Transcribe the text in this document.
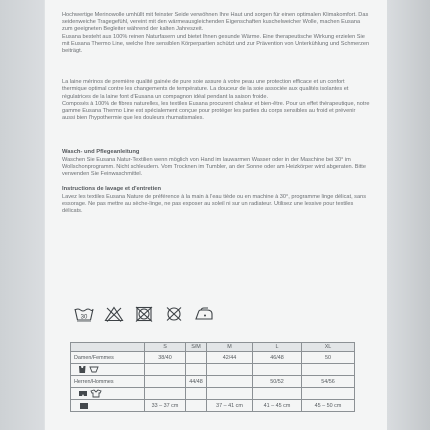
Hochwertige Merinowolle umhüllt mit feinster Seide verwöhnen Ihre Haut und sorgen für einen optimalen Klimakomfort. Das seidenweiche Tragegefühl, vereint mit den wärmeausgleichenden Eigenschaften kuschelweicher Wolle, machen Eusana zum geeigneten Begleiter während der kalten Jahreszeit.

Eusana besteht aus 100% reinen Naturfasern und bietet Ihnen gesunde Wärme. Eine therapeutische Wirkung erzielen Sie mit Eusana Thermo Line, welche Ihre sensiblen Körperpartien schützt und zur Prävention von Unterkühlung und Schmerzen beiträgt.

La laine mérinos de première qualité gainée de pure soie assure à votre peau une protection efficace et un confort thermique optimal contre les changements de température. La douceur de la soie associée aux qualités isolantes et régulatrices de la laine font d'Eusana un compagnon idéal pendant la saison froide.

Composés à 100% de fibres naturelles, les textiles Eusana procurent chaleur et bien-être. Pour un effet thérapeutique, notre gamme Eusana Thermo Line est spécialement conçue pour protéger les parties du corps sensibles au froid et prévenir aussi bien l'hypothermie que les douleurs rhumatismales.

Wasch- und Pflegeanleitung

Waschen Sie Eusana Natur-Textilien wenn möglich von Hand im lauwarmen Wasser oder in der Maschine bei 30° im Wollschonprogramm. Nicht schleudern. Vom Trocknen im Tumbler, an der Sonne oder am Heizkörper wird abgeraten. Bitte verwenden Sie Feinwaschmittel.

Instructions de lavage et d'entretien

Lavez les textiles Eusana Nature de préférence à la main à l'eau tiède ou en machine à 30°, programme linge délicat, sans essorage. Ne pas mettre au sèche-linge, ne pas exposer au soleil ni sur un radiateur. Utilisez une lessive pour textiles délicats.

30
	S	S/M	M	L	XL
Damen/Femmes	38/40		42/44	46/48	50

Herren/Hommes		44/48		50/52	54/56

	33 – 37 cm		37 – 41 cm	41 – 45 cm	45 – 50 cm
